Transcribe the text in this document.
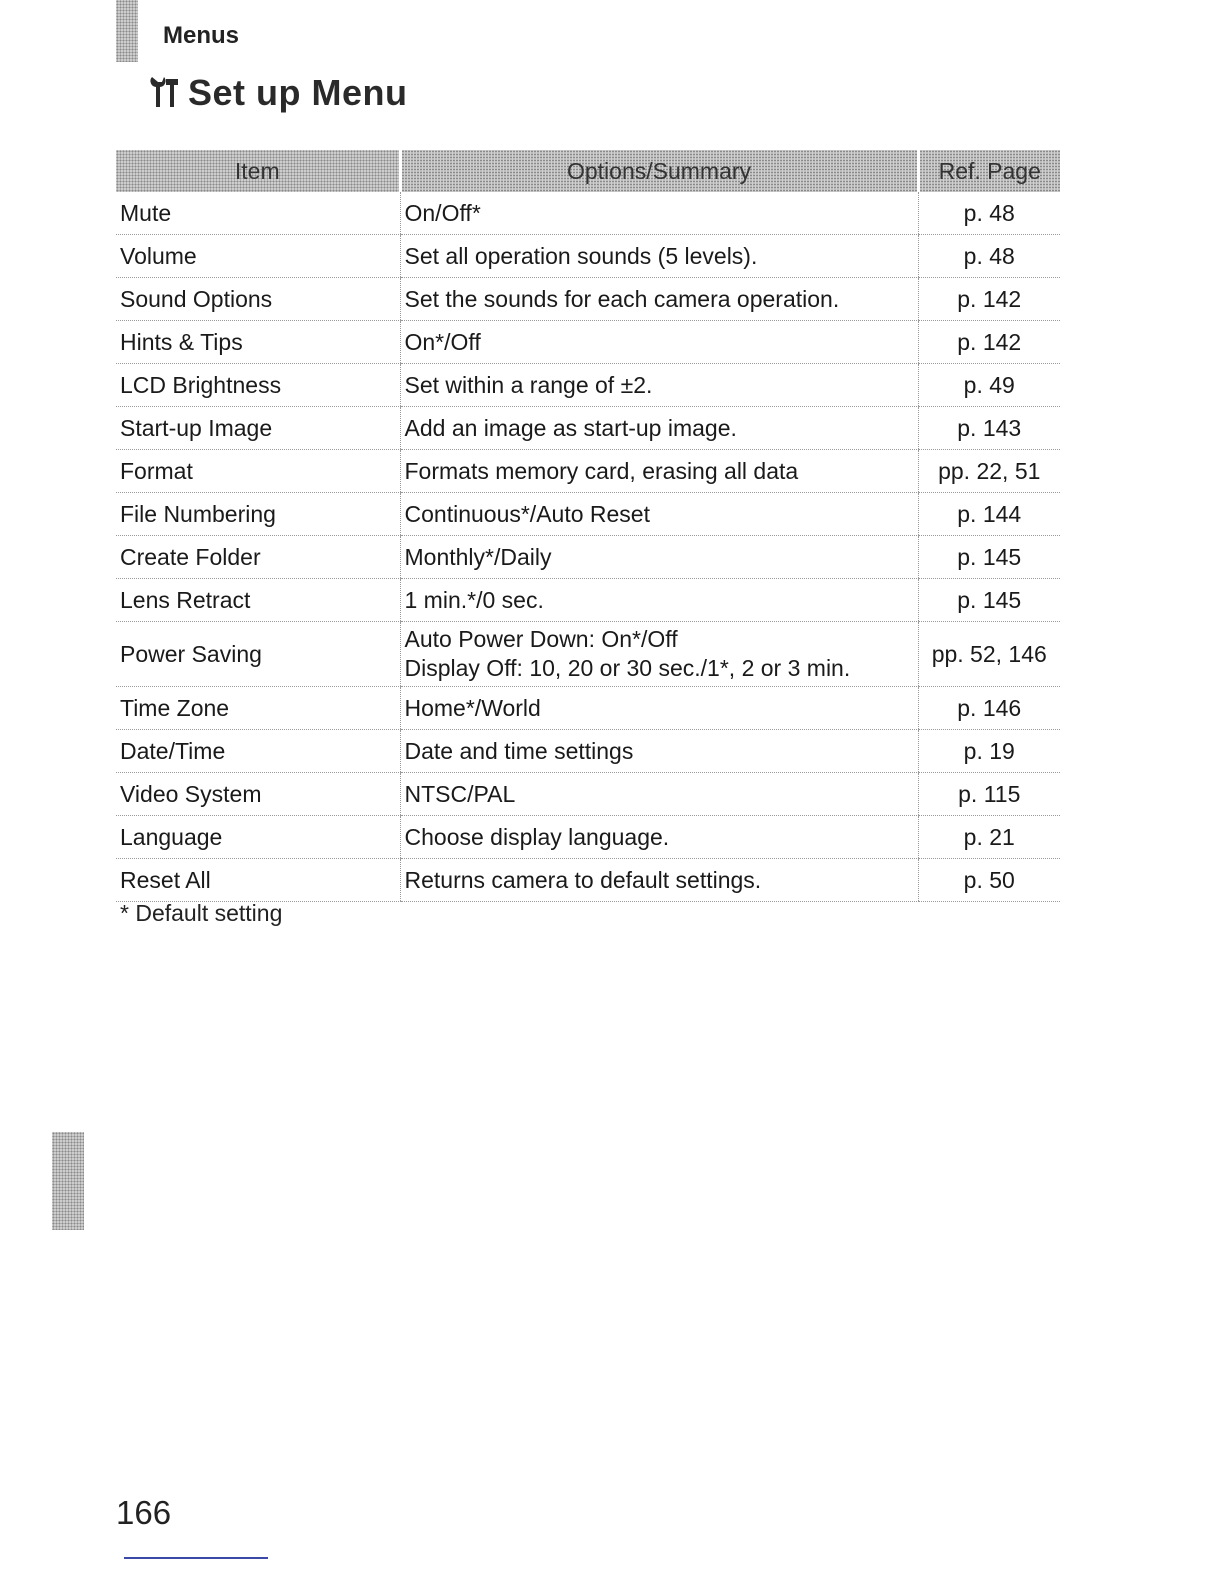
Menus
Set up Menu
Item	Options/Summary	Ref. Page
Mute	On/Off*	p. 48
Volume	Set all operation sounds (5 levels).	p. 48
Sound Options	Set the sounds for each camera operation.	p. 142
Hints & Tips	On*/Off	p. 142
LCD Brightness	Set within a range of ±2.	p. 49
Start-up Image	Add an image as start-up image.	p. 143
Format	Formats memory card, erasing all data	pp. 22, 51
File Numbering	Continuous*/Auto Reset	p. 144
Create Folder	Monthly*/Daily	p. 145
Lens Retract	1 min.*/0 sec.	p. 145
Power Saving	Auto Power Down: On*/Off
Display Off: 10, 20 or 30 sec./1*, 2 or 3 min.	pp. 52, 146
Time Zone	Home*/World	p. 146
Date/Time	Date and time settings	p. 19
Video System	NTSC/PAL	p. 115
Language	Choose display language.	p. 21
Reset All	Returns camera to default settings.	p. 50
* Default setting
166
